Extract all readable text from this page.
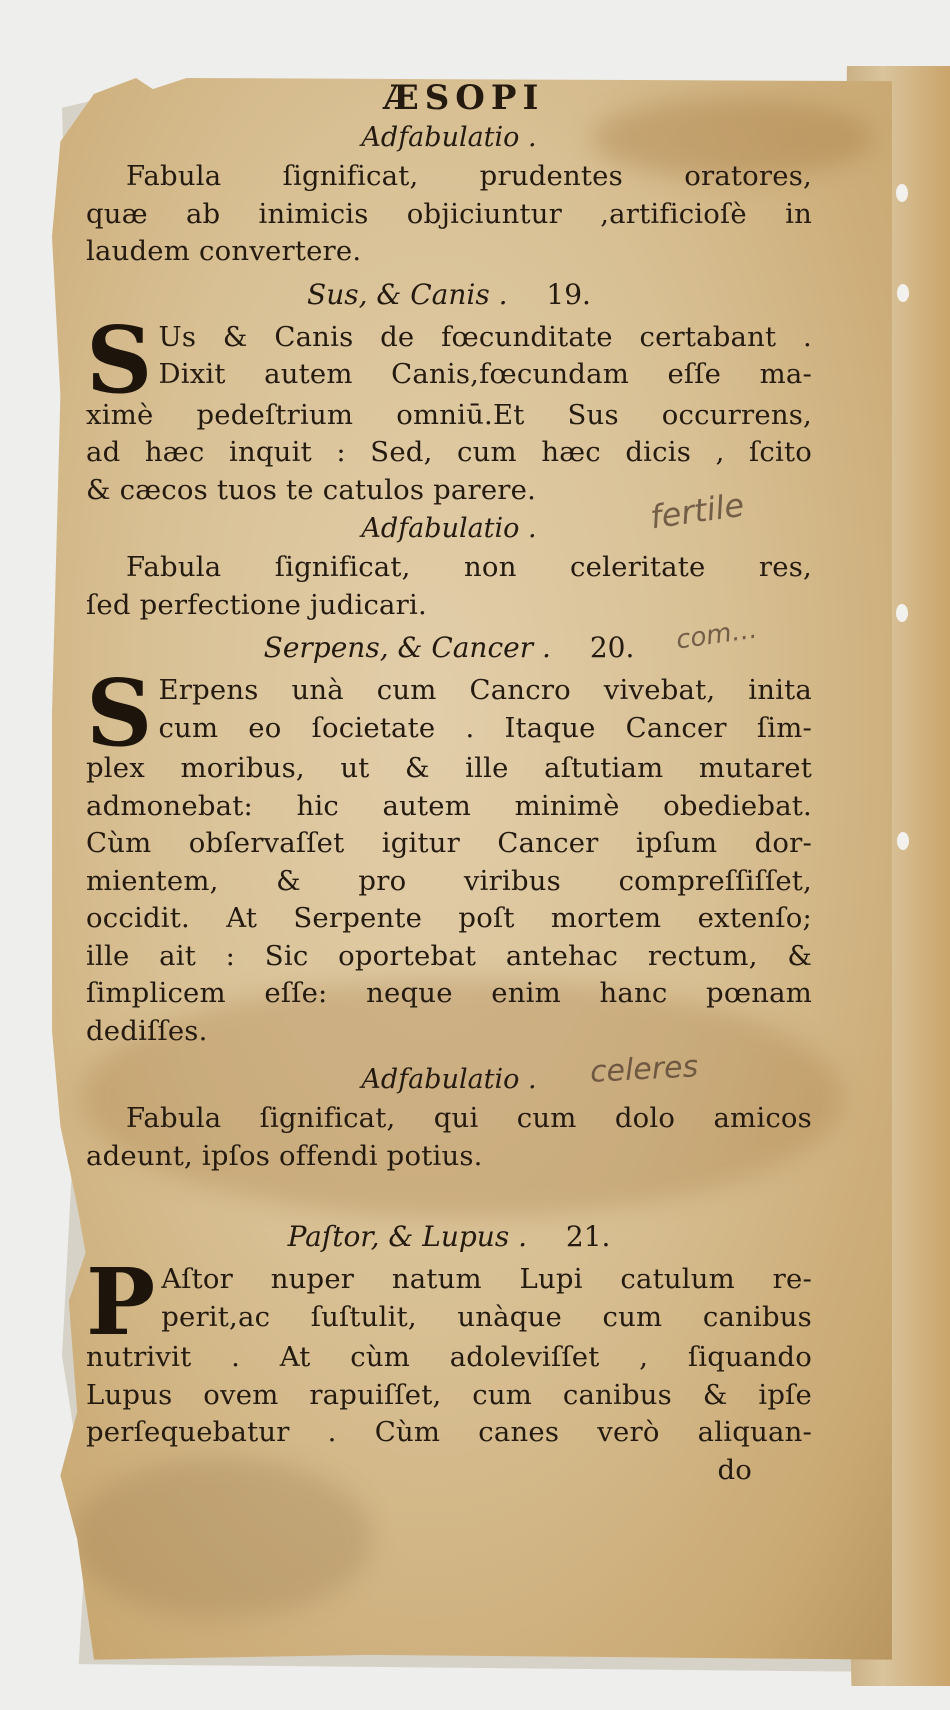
fertile
com…
celeres
ÆSOPI
Adfabulatio .
Fabula ſignificat, prudentes oratores,
quæ ab inimicis objiciuntur ,artificioſè in
laudem convertere.
Sus, & Canis . 19.
S Us & Canis de fœcunditate certabant .
Dixit autem Canis,fœcundam eſſe ma-
ximè pedeſtrium omniū.Et Sus occurrens,
ad hæc inquit : Sed, cum hæc dicis , ſcito
& cæcos tuos te catulos parere.
Adfabulatio .
Fabula ſignificat, non celeritate res,
ſed perfectione judicari.
Serpens, & Cancer . 20.
S Erpens unà cum Cancro vivebat, inita
cum eo ſocietate . Itaque Cancer ſim-
plex moribus, ut & ille aſtutiam mutaret
admonebat: hic autem minimè obediebat.
Cùm obſervaſſet igitur Cancer ipſum dor-
mientem, & pro viribus compreſſiſſet,
occidit. At Serpente poſt mortem extenſo;
ille ait : Sic oportebat antehac rectum, &
ſimplicem eſſe: neque enim hanc pœnam
dediſſes.
Adfabulatio .
Fabula ſignificat, qui cum dolo amicos
adeunt, ipſos offendi potius.
Paſtor, & Lupus . 21.
P Aſtor nuper natum Lupi catulum re-
perit,ac ſuſtulit, unàque cum canibus
nutrivit . At cùm adoleviſſet , ſiquando
Lupus ovem rapuiſſet, cum canibus & ipſe
perſequebatur . Cùm canes verò aliquan-
do
